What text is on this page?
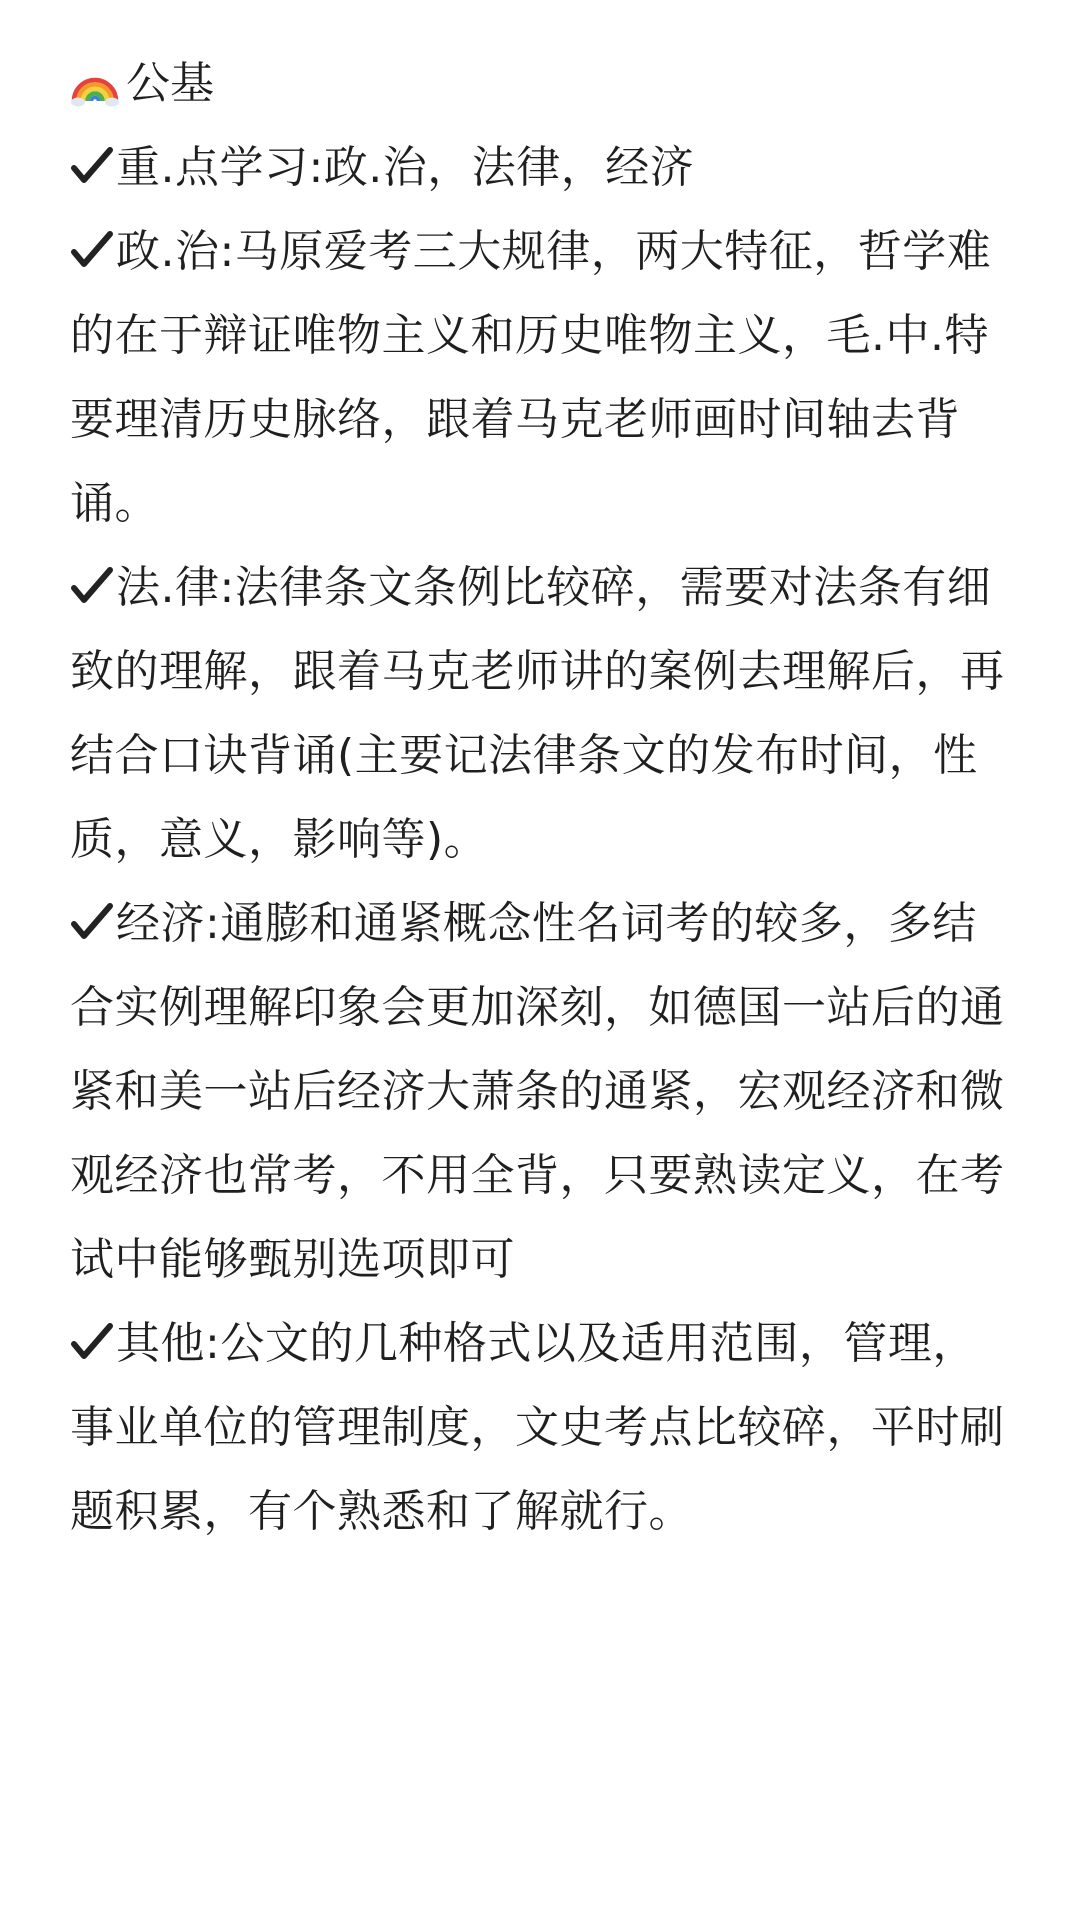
公基

重.点学习:政.治，法律，经济

政.治:马原爱考三大规律，两大特征，哲学难的在于辩证唯物主义和历史唯物主义，毛.中.特要理清历史脉络，跟着马克老师画时间轴去背诵。

法.律:法律条文条例比较碎，需要对法条有细致的理解，跟着马克老师讲的案例去理解后，再结合口诀背诵(主要记法律条文的发布时间，性质，意义，影响等)。

经济:通膨和通紧概念性名词考的较多，多结合实例理解印象会更加深刻，如德国一站后的通紧和美一站后经济大萧条的通紧，宏观经济和微观经济也常考，不用全背，只要熟读定义，在考试中能够甄别选项即可

其他:公文的几种格式以及适用范围，管理，事业单位的管理制度，文史考点比较碎，平时刷题积累，有个熟悉和了解就行。
